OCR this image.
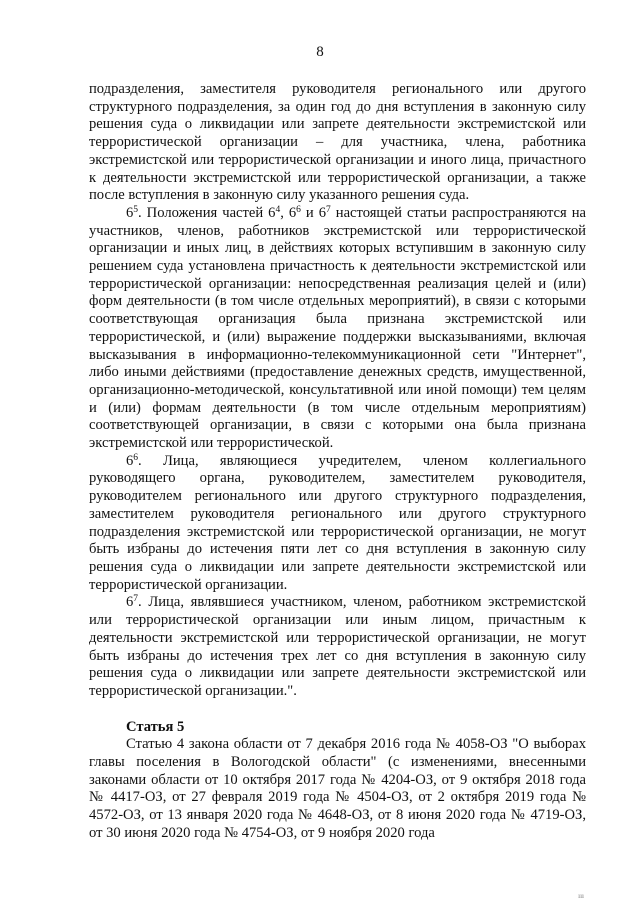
8

подразделения, заместителя руководителя регионального или другого структурного подразделения, за один год до дня вступления в законную силу решения суда о ликвидации или запрете деятельности экстремистской или террористической организации – для участника, члена, работника экстремистской или террористической организации и иного лица, причастного к деятельности экстремистской или террористической организации, а также после вступления в законную силу указанного решения суда.

$6^5$. Положения частей $6^4$, $6^6$ и $6^7$ настоящей статьи распространяются на участников, членов, работников экстремистской или террористической организации и иных лиц, в действиях которых вступившим в законную силу решением суда установлена причастность к деятельности экстремистской или террористической организации: непосредственная реализация целей и (или) форм деятельности (в том числе отдельных мероприятий), в связи с которыми соответствующая организация была признана экстремистской или террористической, и (или) выражение поддержки высказываниями, включая высказывания в информационно-телекоммуникационной сети "Интернет", либо иными действиями (предоставление денежных средств, имущественной, организационно-методической, консультативной или иной помощи) тем целям и (или) формам деятельности (в том числе отдельным мероприятиям) соответствующей организации, в связи с которыми она была признана экстремистской или террористической.

$6^6$. Лица, являющиеся учредителем, членом коллегиального руководящего органа, руководителем, заместителем руководителя, руководителем регионального или другого структурного подразделения, заместителем руководителя регионального или другого структурного подразделения экстремистской или террористической организации, не могут быть избраны до истечения пяти лет со дня вступления в законную силу решения суда о ликвидации или запрете деятельности экстремистской или террористической организации.

$6^7$. Лица, являвшиеся участником, членом, работником экстремистской или террористической организации или иным лицом, причастным к деятельности экстремистской или террористической организации, не могут быть избраны до истечения трех лет со дня вступления в законную силу решения суда о ликвидации или запрете деятельности экстремистской или террористической организации.".

Статья 5

Статью 4 закона области от 7 декабря 2016 года № 4058-ОЗ "О выборах главы поселения в Вологодской области" (с изменениями, внесенными законами области от 10 октября 2017 года № 4204-ОЗ, от 9 октября 2018 года № 4417-ОЗ, от 27 февраля 2019 года № 4504-ОЗ, от 2 октября 2019 года № 4572-ОЗ, от 13 января 2020 года № 4648-ОЗ, от 8 июня 2020 года № 4719-ОЗ, от 30 июня 2020 года № 4754-ОЗ, от 9 ноября 2020 года

ııı
